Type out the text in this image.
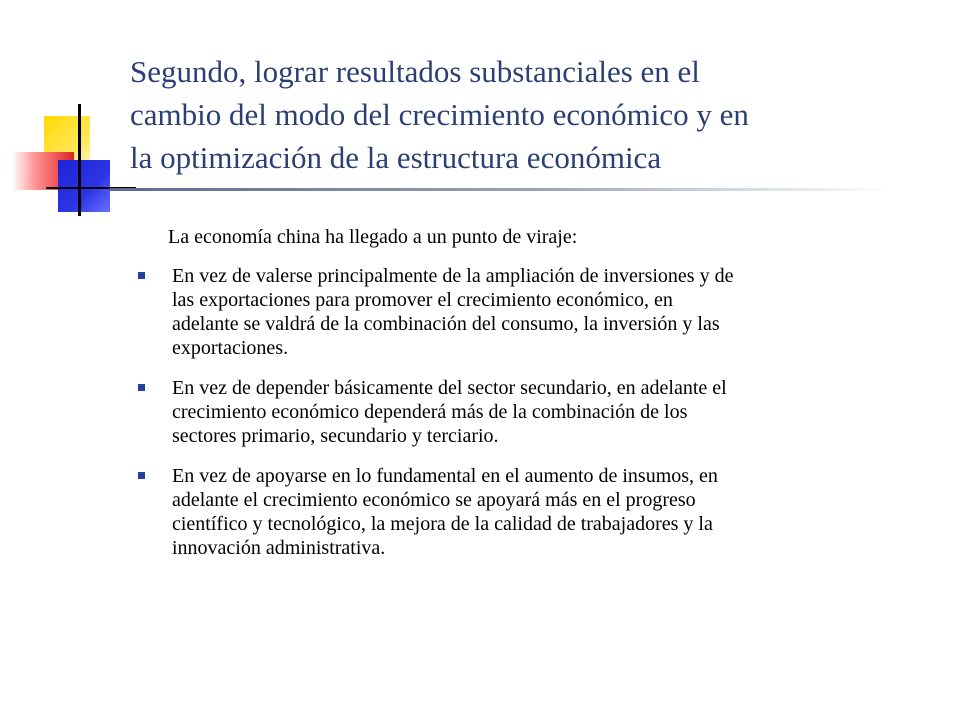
Segundo, lograr resultados substanciales en el
cambio del modo del crecimiento económico y en
la optimización de la estructura económica

La economía china ha llegado a un punto de viraje:

En vez de valerse principalmente de la ampliación de inversiones y de
las exportaciones para promover el crecimiento económico, en
adelante se valdrá de la combinación del consumo, la inversión y las
exportaciones.
En vez de depender básicamente del sector secundario, en adelante el
crecimiento económico dependerá más de la combinación de los
sectores primario, secundario y terciario.
En vez de apoyarse en lo fundamental en el aumento de insumos, en
adelante el crecimiento económico se apoyará más en el progreso
científico y tecnológico, la mejora de la calidad de trabajadores y la
innovación administrativa.
